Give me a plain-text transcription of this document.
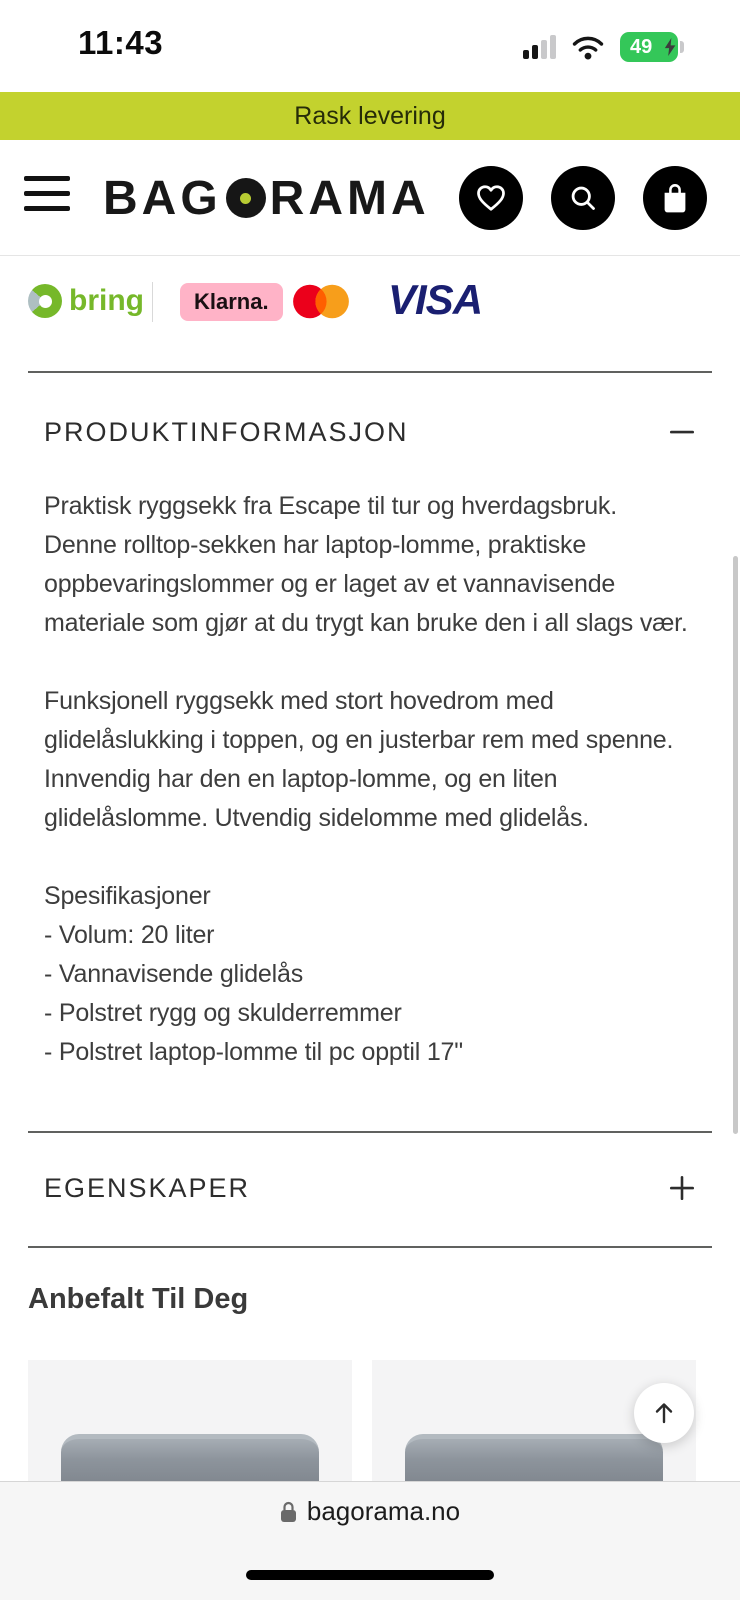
11:43	49
Rask levering
BAG RAMA
bring	Klarna.	VISA
PRODUKTINFORMASJON

Praktisk ryggsekk fra Escape til tur og hverdagsbruk. Denne rolltop-sekken har laptop-lomme, praktiske oppbevaringslommer og er laget av et vannavisende materiale som gjør at du trygt kan bruke den i all slags vær.

Funksjonell ryggsekk med stort hovedrom med glidelåslukking i toppen, og en justerbar rem med spenne. Innvendig har den en laptop-lomme, og en liten glidelåslomme. Utvendig sidelomme med glidelås.

Spesifikasjoner
- Volum: 20 liter
- Vannavisende glidelås
- Polstret rygg og skulderremmer
- Polstret laptop-lomme til pc opptil 17"

EGENSKAPER
Anbefalt Til Deg
bagorama.no
